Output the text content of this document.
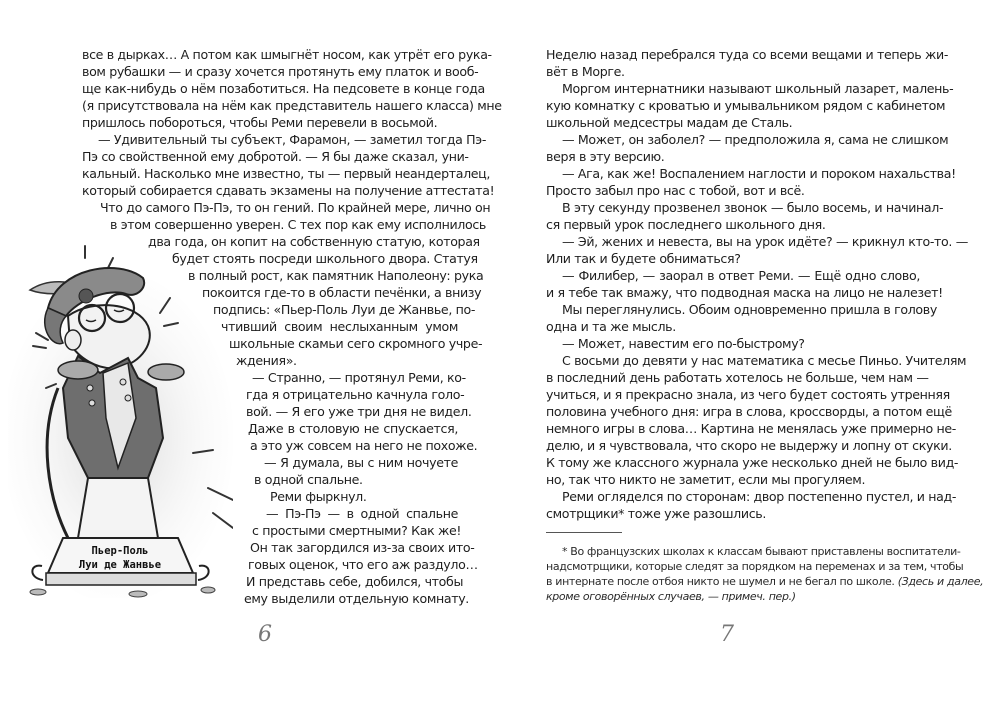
Пьер-Поль
Луи де Жанвье
все в дырках… А потом как шмыгнёт носом, как утрёт его рука-
вом рубашки — и сразу хочется протянуть ему платок и вооб-
ще как-нибудь о нём позаботиться. На педсовете в конце года
(я присутствовала на нём как представитель нашего класса) мне
пришлось побороться, чтобы Реми перевели в восьмой.
— Удивительный ты субъект, Фарамон, — заметил тогда Пэ-
Пэ со свойственной ему добротой. — Я бы даже сказал, уни-
кальный. Насколько мне известно, ты — первый неандерталец,
который собирается сдавать экзамены на получение аттестата!
Что до самого Пэ-Пэ, то он гений. По крайней мере, лично он
в этом совершенно уверен. С тех пор как ему исполнилось
два года, он копит на собственную статую, которая
будет стоять посреди школьного двора. Статуя
в полный рост, как памятник Наполеону: рука
покоится где-то в области печёнки, а внизу
подпись: «Пьер-Поль Луи де Жанвье, по-
чтивший своим неслыханным умом
школьные скамьи сего скромного учре-
ждения».
— Странно, — протянул Реми, ко-
гда я отрицательно качнула голо-
вой. — Я его уже три дня не видел.
Даже в столовую не спускается,
а это уж совсем на него не похоже.
— Я думала, вы с ним ночуете
в одной спальне.
Реми фыркнул.
— Пэ-Пэ — в одной спальне
с простыми смертными? Как же!
Он так загордился из-за своих ито-
говых оценок, что его аж раздуло…
И представь себе, добился, чтобы
ему выделили отдельную комнату.
6
Неделю назад перебрался туда со всеми вещами и теперь жи-
вёт в Морге.
Моргом интернатники называют школьный лазарет, малень-
кую комнатку с кроватью и умывальником рядом с кабинетом
школьной медсестры мадам де Сталь.
— Может, он заболел? — предположила я, сама не слишком
веря в эту версию.
— Ага, как же! Воспалением наглости и пороком нахальства!
Просто забыл про нас с тобой, вот и всё.
В эту секунду прозвенел звонок — было восемь, и начинал-
ся первый урок последнего школьного дня.
— Эй, жених и невеста, вы на урок идёте? — крикнул кто-то. —
Или так и будете обниматься?
— Филибер, — заорал в ответ Реми. — Ещё одно слово,
и я тебе так вмажу, что подводная маска на лицо не налезет!
Мы переглянулись. Обоим одновременно пришла в голову
одна и та же мысль.
— Может, навестим его по-быстрому?
С восьми до девяти у нас математика с месье Пиньо. Учителям
в последний день работать хотелось не больше, чем нам —
учиться, и я прекрасно знала, из чего будет состоять утренняя
половина учебного дня: игра в слова, кроссворды, а потом ещё
немного игры в слова… Картина не менялась уже примерно не-
делю, и я чувствовала, что скоро не выдержу и лопну от скуки.
К тому же классного журнала уже несколько дней не было вид-
но, так что никто не заметит, если мы прогуляем.
Реми огляделся по сторонам: двор постепенно пустел, и над-
смотрщики* тоже уже разошлись.
7
* Во французских школах к классам бывают приставлены воспитатели-
надсмотрщики, которые следят за порядком на переменах и за тем, чтобы
в интернате после отбоя никто не шумел и не бегал по школе. (Здесь и далее,
кроме оговорённых случаев, — примеч. пер.)
